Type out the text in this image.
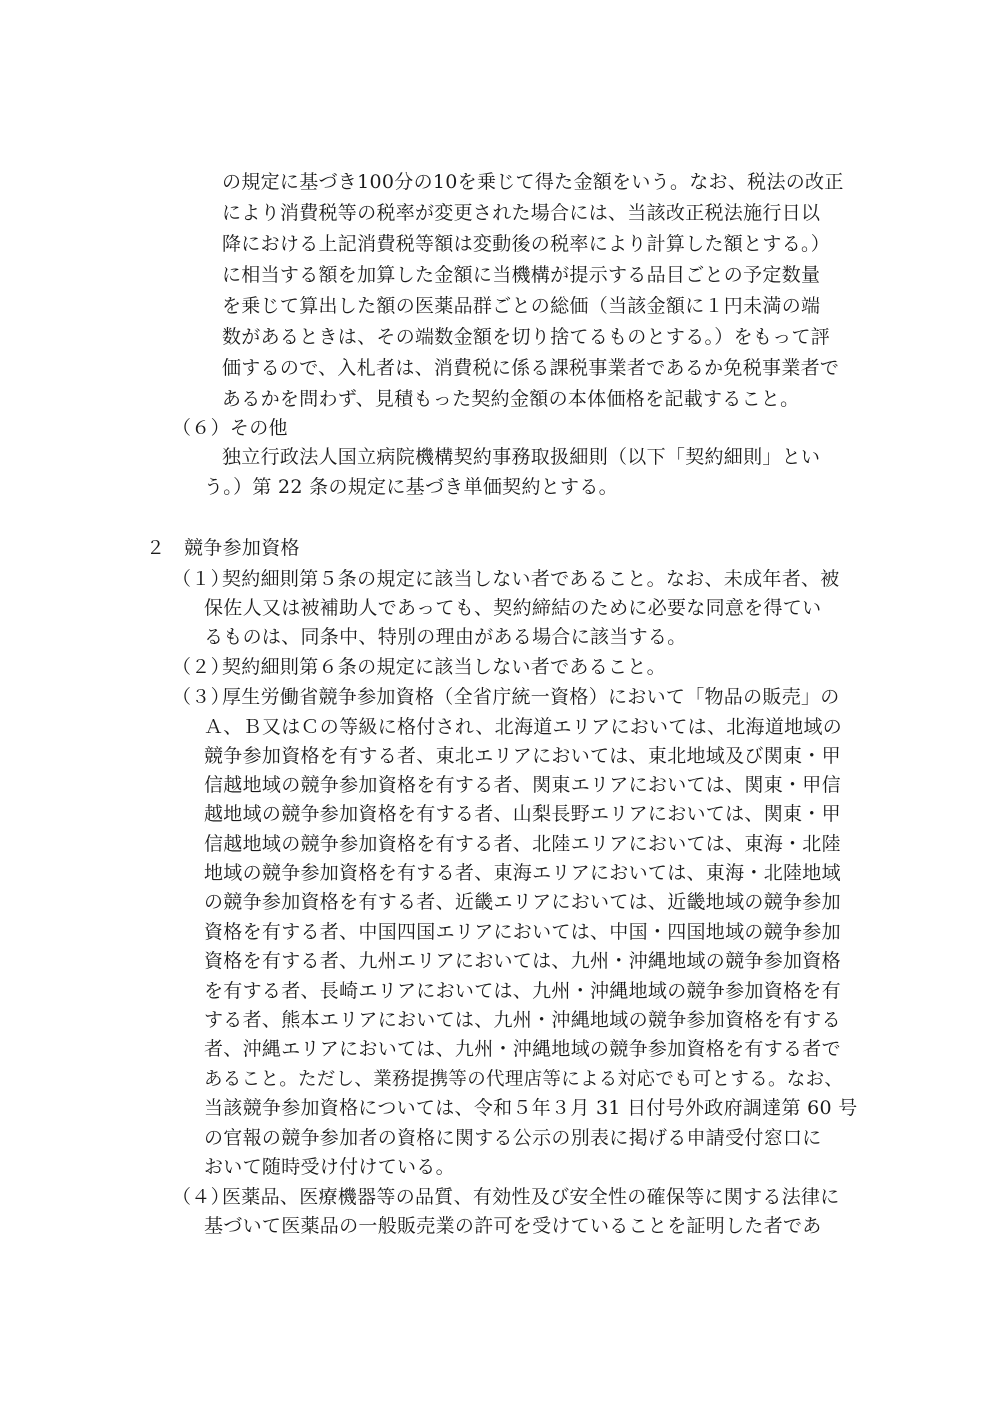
の規定に基づき100分の10を乗じて得た金額をいう。なお、税法の改正
により消費税等の税率が変更された場合には、当該改正税法施行日以
降における上記消費税等額は変動後の税率により計算した額とする。）
に相当する額を加算した金額に当機構が提示する品目ごとの予定数量
を乗じて算出した額の医薬品群ごとの総価（当該金額に１円未満の端
数があるときは、その端数金額を切り捨てるものとする。）をもって評
価するので、入札者は、消費税に係る課税事業者であるか免税事業者で
あるかを問わず、見積もった契約金額の本体価格を記載すること。
（６）その他
独立行政法人国立病院機構契約事務取扱細則（以下「契約細則」とい
う。）第 22 条の規定に基づき単価契約とする。
２ 競争参加資格
（１）
契約細則第５条の規定に該当しない者であること。なお、未成年者、被
保佐人又は被補助人であっても、契約締結のために必要な同意を得てい
るものは、同条中、特別の理由がある場合に該当する。
（２）
契約細則第６条の規定に該当しない者であること。
（３）
厚生労働省競争参加資格（全省庁統一資格）において「物品の販売」の
Ａ、Ｂ又はＣの等級に格付され、北海道エリアにおいては、北海道地域の
競争参加資格を有する者、東北エリアにおいては、東北地域及び関東・甲
信越地域の競争参加資格を有する者、関東エリアにおいては、関東・甲信
越地域の競争参加資格を有する者、山梨長野エリアにおいては、関東・甲
信越地域の競争参加資格を有する者、北陸エリアにおいては、東海・北陸
地域の競争参加資格を有する者、東海エリアにおいては、東海・北陸地域
の競争参加資格を有する者、近畿エリアにおいては、近畿地域の競争参加
資格を有する者、中国四国エリアにおいては、中国・四国地域の競争参加
資格を有する者、九州エリアにおいては、九州・沖縄地域の競争参加資格
を有する者、長崎エリアにおいては、九州・沖縄地域の競争参加資格を有
する者、熊本エリアにおいては、九州・沖縄地域の競争参加資格を有する
者、沖縄エリアにおいては、九州・沖縄地域の競争参加資格を有する者で
あること。ただし、業務提携等の代理店等による対応でも可とする。なお、
当該競争参加資格については、令和５年３月 31 日付号外政府調達第 60 号
の官報の競争参加者の資格に関する公示の別表に掲げる申請受付窓口に
おいて随時受け付けている。
（４）
医薬品、医療機器等の品質、有効性及び安全性の確保等に関する法律に
基づいて医薬品の一般販売業の許可を受けていることを証明した者であ
